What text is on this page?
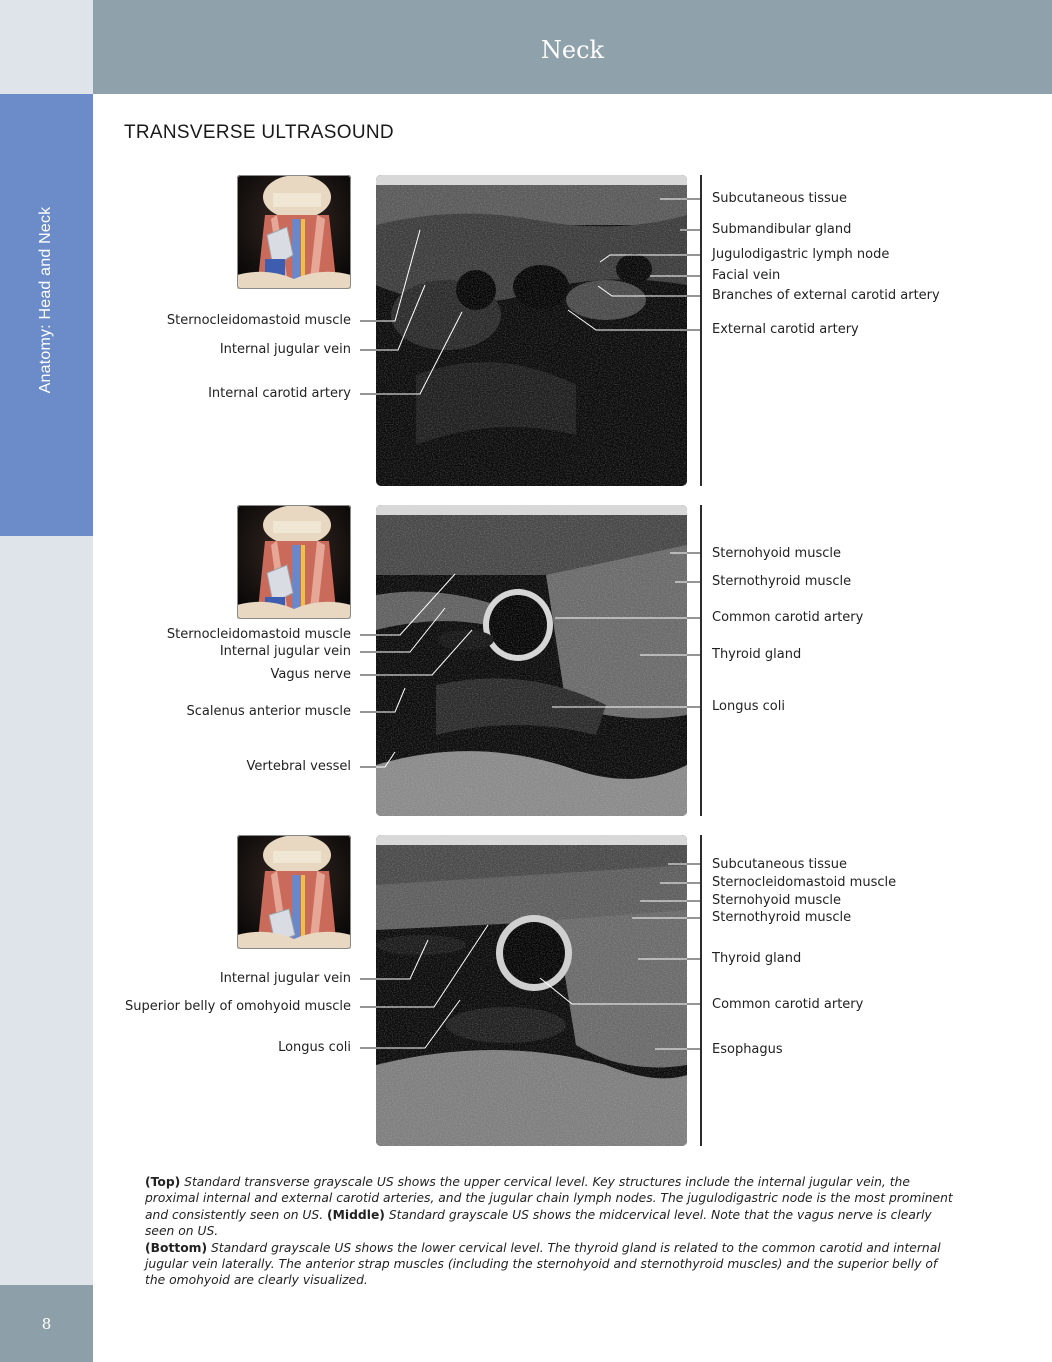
Anatomy: Head and Neck
8
Neck
TRANSVERSE ULTRASOUND
Sternocleidomastoid muscle
Internal jugular vein
Internal carotid artery
Subcutaneous tissue
Submandibular gland
Jugulodigastric lymph node
Facial vein
Branches of external carotid artery
External carotid artery
Sternocleidomastoid muscle
Internal jugular vein
Vagus nerve
Scalenus anterior muscle
Vertebral vessel
Sternohyoid muscle
Sternothyroid muscle
Common carotid artery
Thyroid gland
Longus coli
Internal jugular vein
Superior belly of omohyoid muscle
Longus coli
Subcutaneous tissue
Sternocleidomastoid muscle
Sternohyoid muscle
Sternothyroid muscle
Thyroid gland
Common carotid artery
Esophagus
(Top) Standard transverse grayscale US shows the upper cervical level. Key structures include the internal jugular vein, the proximal internal and external carotid arteries, and the jugular chain lymph nodes. The jugulodigastric node is the most prominent and consistently seen on US. (Middle) Standard grayscale US shows the midcervical level. Note that the vagus nerve is clearly seen on US.
(Bottom) Standard grayscale US shows the lower cervical level. The thyroid gland is related to the common carotid and internal jugular vein laterally. The anterior strap muscles (including the sternohyoid and sternothyroid muscles) and the superior belly of the omohyoid are clearly visualized.
